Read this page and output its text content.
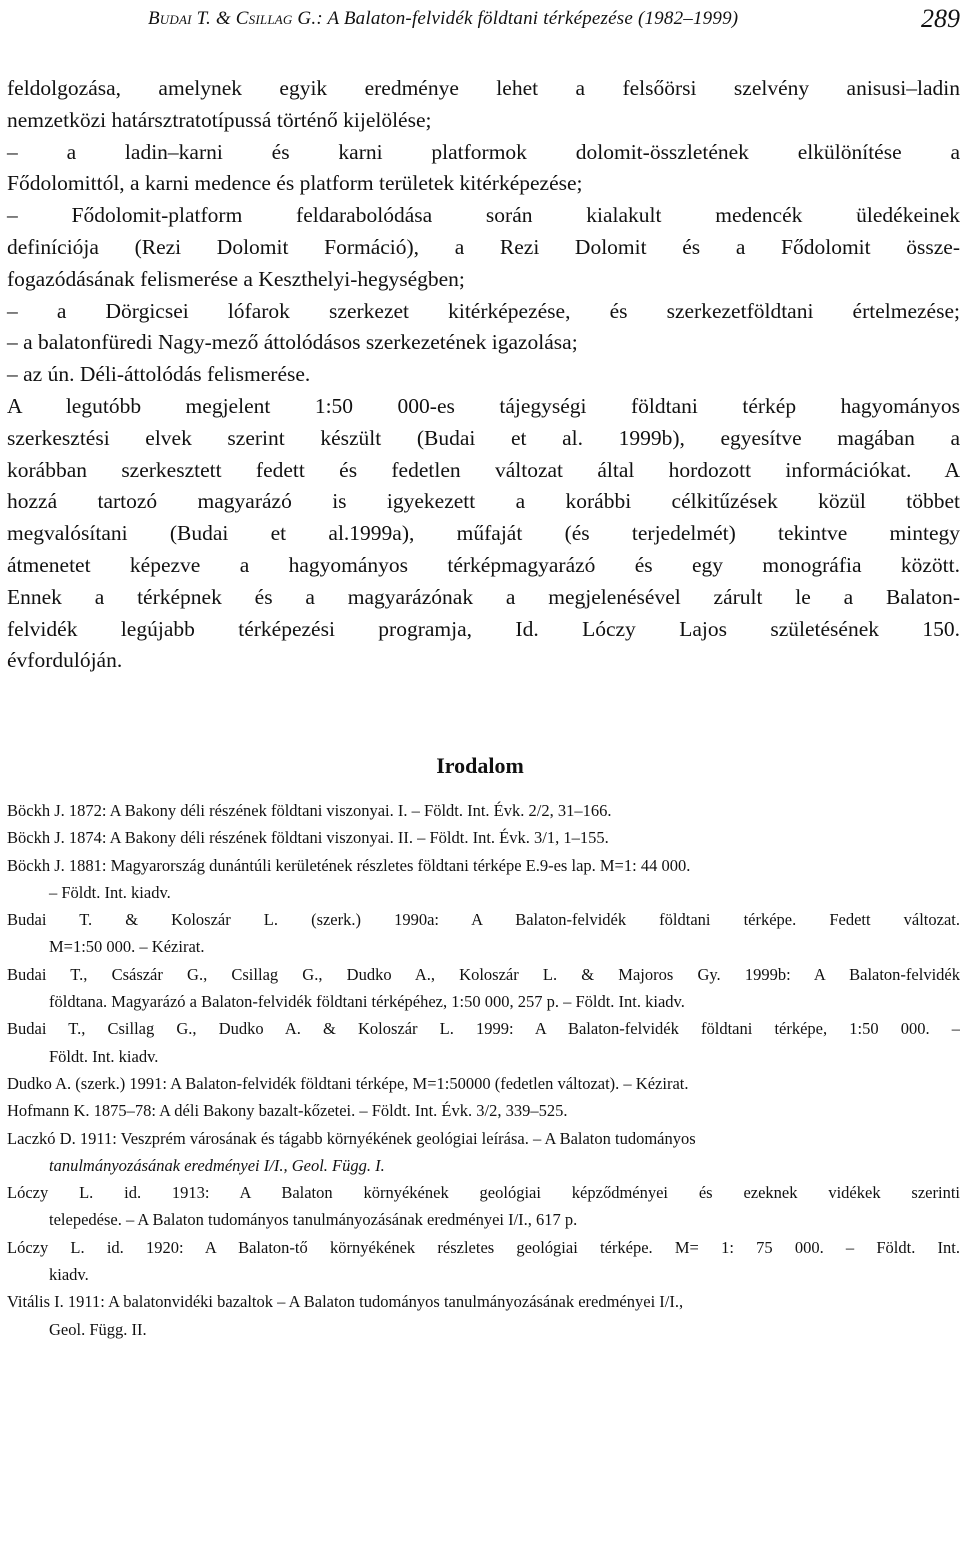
Budai T. & Csillag G.: A Balaton-felvidék földtani térképezése (1982–1999)	289
feldolgozása, amelynek egyik eredménye lehet a felsőörsi szelvény anisusi–ladin
nemzetközi határsztratotípussá történő kijelölése;
– a ladin–karni és karni platformok dolomit-összletének elkülönítése a
Fődolomittól, a karni medence és platform területek kitérképezése;
– Fődolomit-platform feldarabolódása során kialakult medencék üledékeinek
definíciója (Rezi Dolomit Formáció), a Rezi Dolomit és a Fődolomit össze-
fogazódásának felismerése a Keszthelyi-hegységben;
– a Dörgicsei lófarok szerkezet kitérképezése, és szerkezetföldtani értelmezése;
– a balatonfüredi Nagy-mező áttolódásos szerkezetének igazolása;
– az ún. Déli-áttolódás felismerése.
A legutóbb megjelent 1:50 000-es tájegységi földtani térkép hagyományos
szerkesztési elvek szerint készült (Budai et al. 1999b), egyesítve magában a
korábban szerkesztett fedett és fedetlen változat által hordozott információkat. A
hozzá tartozó magyarázó is igyekezett a korábbi célkitűzések közül többet
megvalósítani (Budai et al.1999a), műfaját (és terjedelmét) tekintve mintegy
átmenetet képezve a hagyományos térképmagyarázó és egy monográfia között.
Ennek a térképnek és a magyarázónak a megjelenésével zárult le a Balaton-
felvidék legújabb térképezési programja, Id. Lóczy Lajos születésének 150.
évfordulóján.
Irodalom
Böckh J. 1872: A Bakony déli részének földtani viszonyai. I. – Földt. Int. Évk. 2/2, 31–166.
Böckh J. 1874: A Bakony déli részének földtani viszonyai. II. – Földt. Int. Évk. 3/1, 1–155.
Böckh J. 1881: Magyarország dunántúli kerületének részletes földtani térképe E.9-es lap. M=1: 44 000.
– Földt. Int. kiadv.
Budai T. & Koloszár L. (szerk.) 1990a: A Balaton-felvidék földtani térképe. Fedett változat.
M=1:50 000. – Kézirat.
Budai T., Császár G., Csillag G., Dudko A., Koloszár L. & Majoros Gy. 1999b: A Balaton-felvidék
földtana. Magyarázó a Balaton-felvidék földtani térképéhez, 1:50 000, 257 p. – Földt. Int. kiadv.
Budai T., Csillag G., Dudko A. & Koloszár L. 1999: A Balaton-felvidék földtani térképe, 1:50 000. –
Földt. Int. kiadv.
Dudko A. (szerk.) 1991: A Balaton-felvidék földtani térképe, M=1:50000 (fedetlen változat). – Kézirat.
Hofmann K. 1875–78: A déli Bakony bazalt-kőzetei. – Földt. Int. Évk. 3/2, 339–525.
Laczkó D. 1911: Veszprém városának és tágabb környékének geológiai leírása. – A Balaton tudományos
tanulmányozásának eredményei I/I., Geol. Függ. I.
Lóczy L. id. 1913: A Balaton környékének geológiai képződményei és ezeknek vidékek szerinti
telepedése. – A Balaton tudományos tanulmányozásának eredményei I/I., 617 p.
Lóczy L. id. 1920: A Balaton-tő környékének részletes geológiai térképe. M= 1: 75 000. – Földt. Int.
kiadv.
Vitális I. 1911: A balatonvidéki bazaltok – A Balaton tudományos tanulmányozásának eredményei I/I.,
Geol. Függ. II.
